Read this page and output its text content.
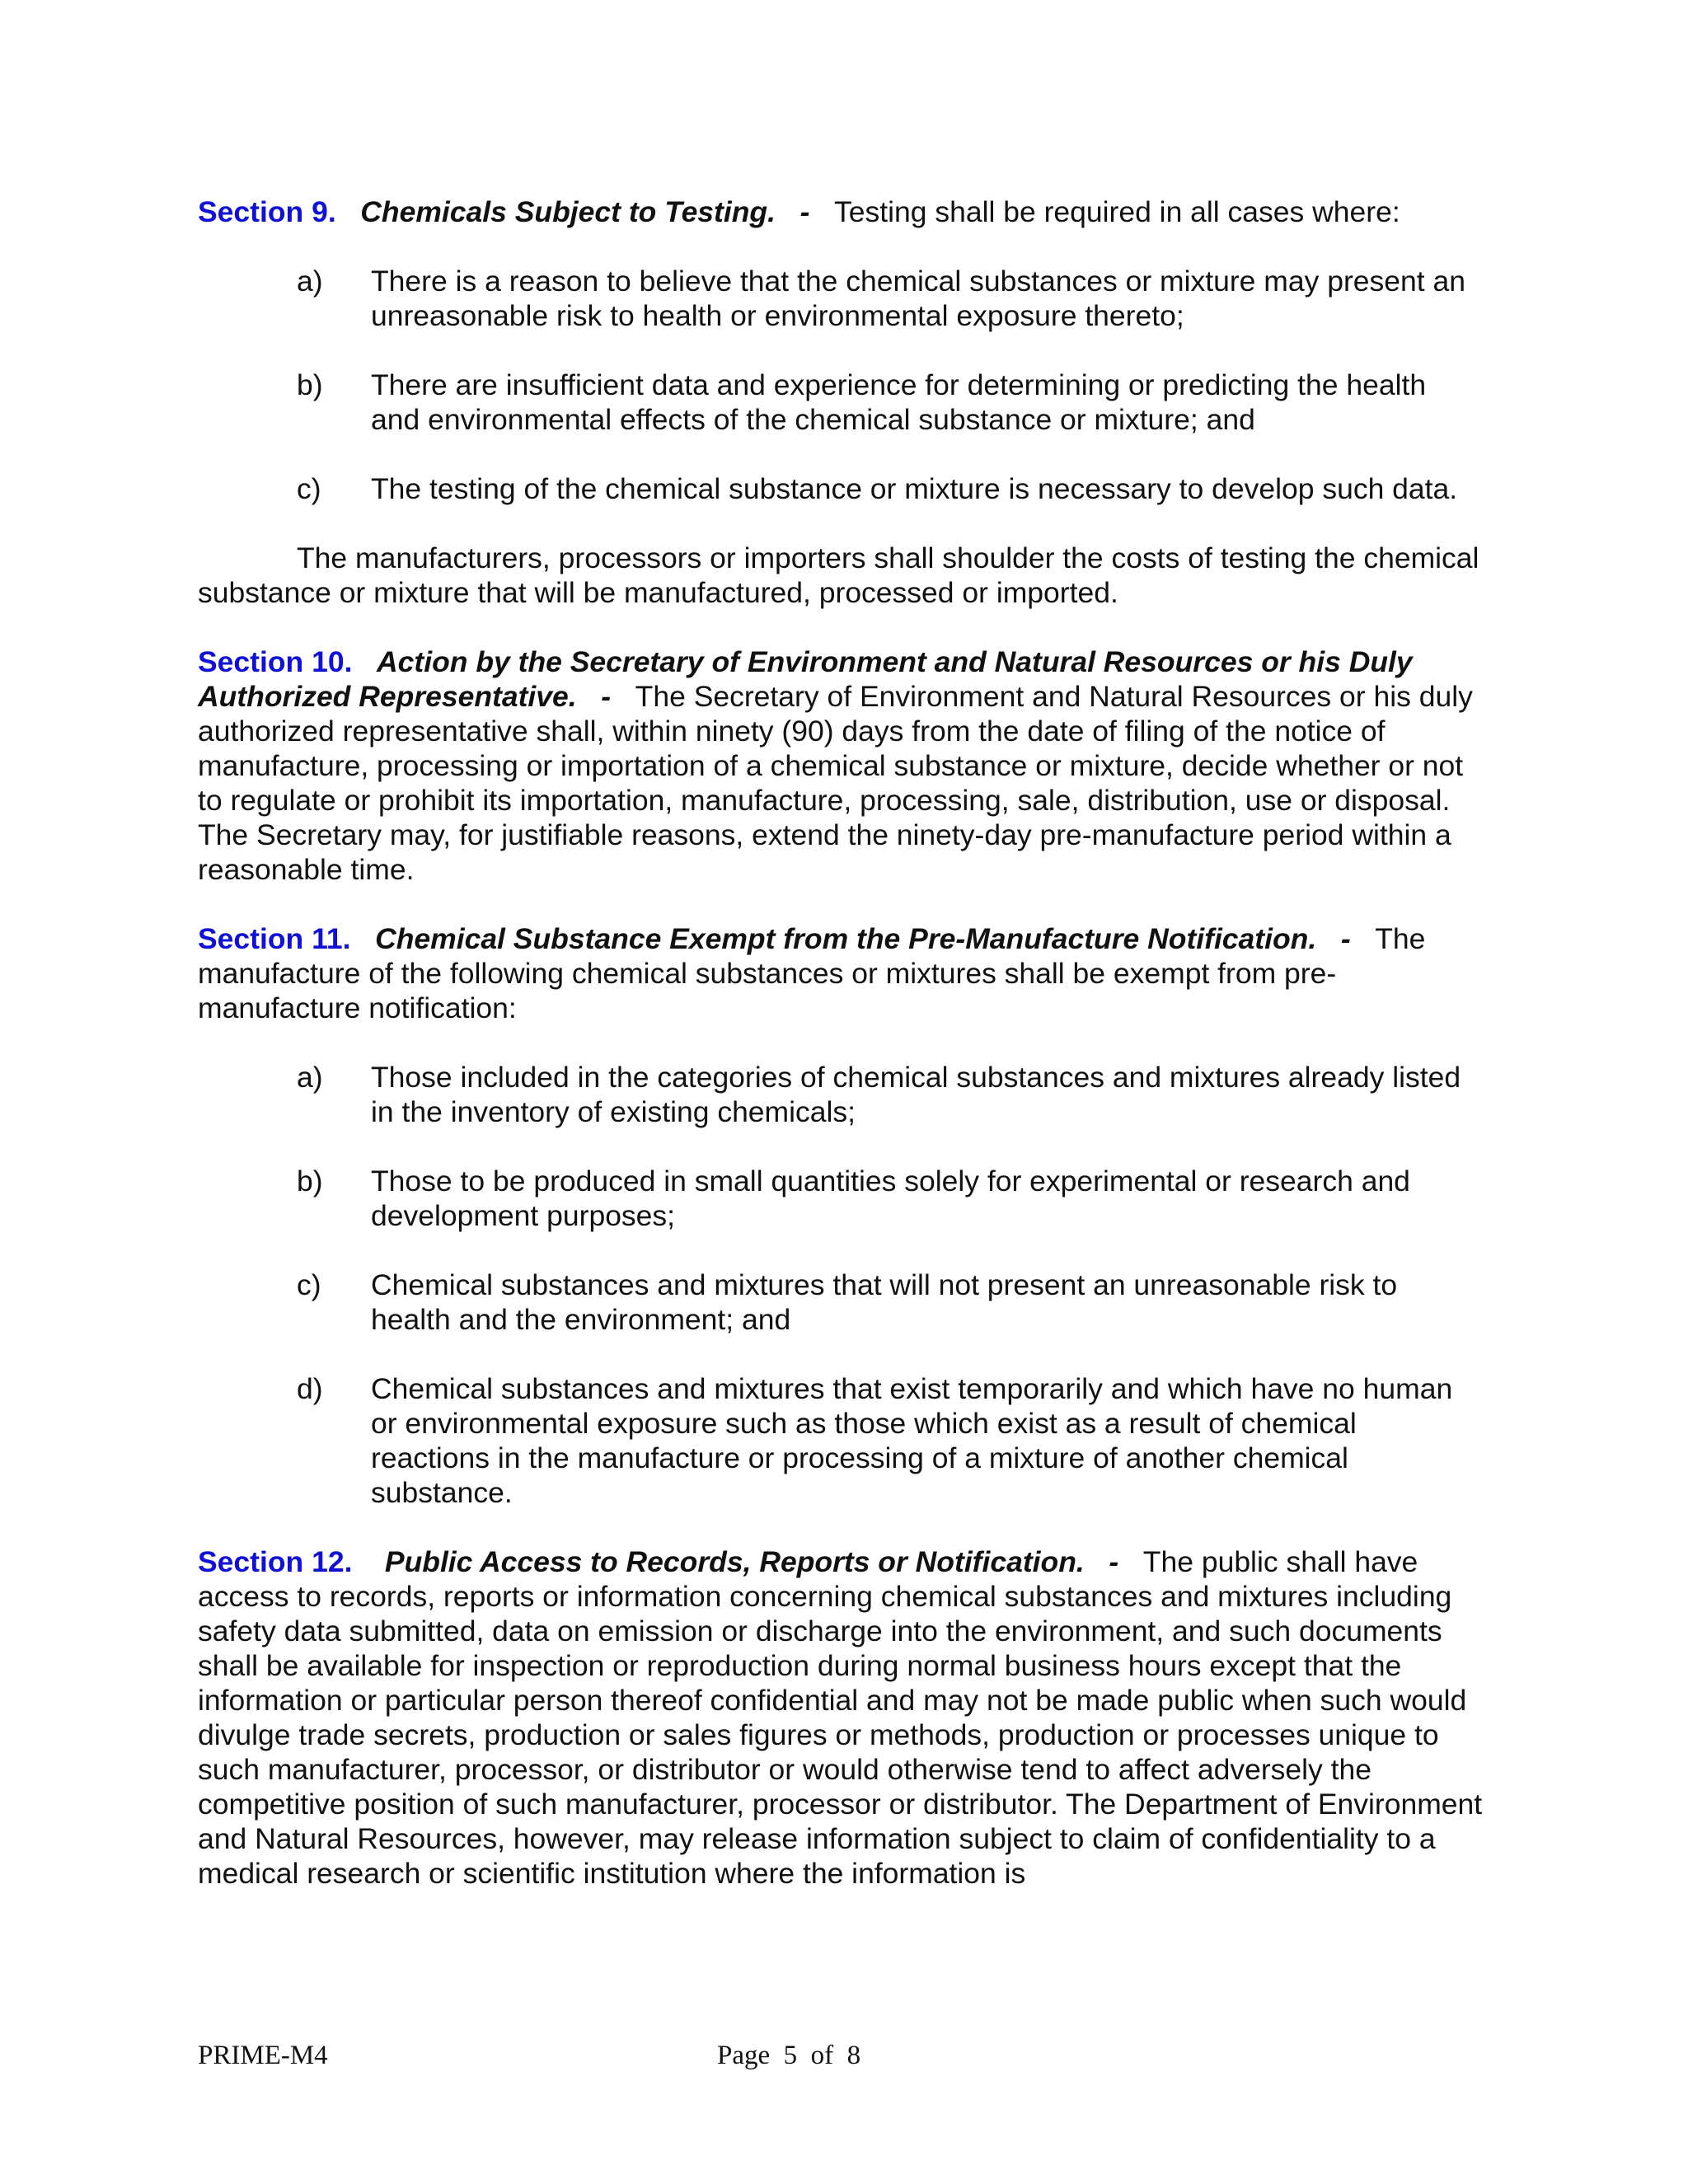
Section 9. Chemicals Subject to Testing. - Testing shall be required in all cases where:

a)	There is a reason to believe that the chemical substances or mixture may present an unreasonable risk to health or environmental exposure thereto;
b)	There are insufficient data and experience for determining or predicting the health and environmental effects of the chemical substance or mixture; and
c)	The testing of the chemical substance or mixture is necessary to develop such data.

The manufacturers, processors or importers shall shoulder the costs of testing the chemical substance or mixture that will be manufactured, processed or imported.

Section 10. Action by the Secretary of Environment and Natural Resources or his Duly Authorized Representative. - The Secretary of Environment and Natural Resources or his duly authorized representative shall, within ninety (90) days from the date of filing of the notice of manufacture, processing or importation of a chemical substance or mixture, decide whether or not to regulate or prohibit its importation, manufacture, processing, sale, distribution, use or disposal. The Secretary may, for justifiable reasons, extend the ninety-day pre-manufacture period within a reasonable time.

Section 11. Chemical Substance Exempt from the Pre-Manufacture Notification. - The manufacture of the following chemical substances or mixtures shall be exempt from pre-manufacture notification:

a)	Those included in the categories of chemical substances and mixtures already listed in the inventory of existing chemicals;
b)	Those to be produced in small quantities solely for experimental or research and development purposes;
c)	Chemical substances and mixtures that will not present an unreasonable risk to health and the environment; and
d)	Chemical substances and mixtures that exist temporarily and which have no human or environmental exposure such as those which exist as a result of chemical reactions in the manufacture or processing of a mixture of another chemical substance.

Section 12. Public Access to Records, Reports or Notification. - The public shall have access to records, reports or information concerning chemical substances and mixtures including safety data submitted, data on emission or discharge into the environment, and such documents shall be available for inspection or reproduction during normal business hours except that the information or particular person thereof confidential and may not be made public when such would divulge trade secrets, production or sales figures or methods, production or processes unique to such manufacturer, processor, or distributor or would otherwise tend to affect adversely the competitive position of such manufacturer, processor or distributor. The Department of Environment and Natural Resources, however, may release information subject to claim of confidentiality to a medical research or scientific institution where the information is

PRIME-M4	Page  5  of  8
